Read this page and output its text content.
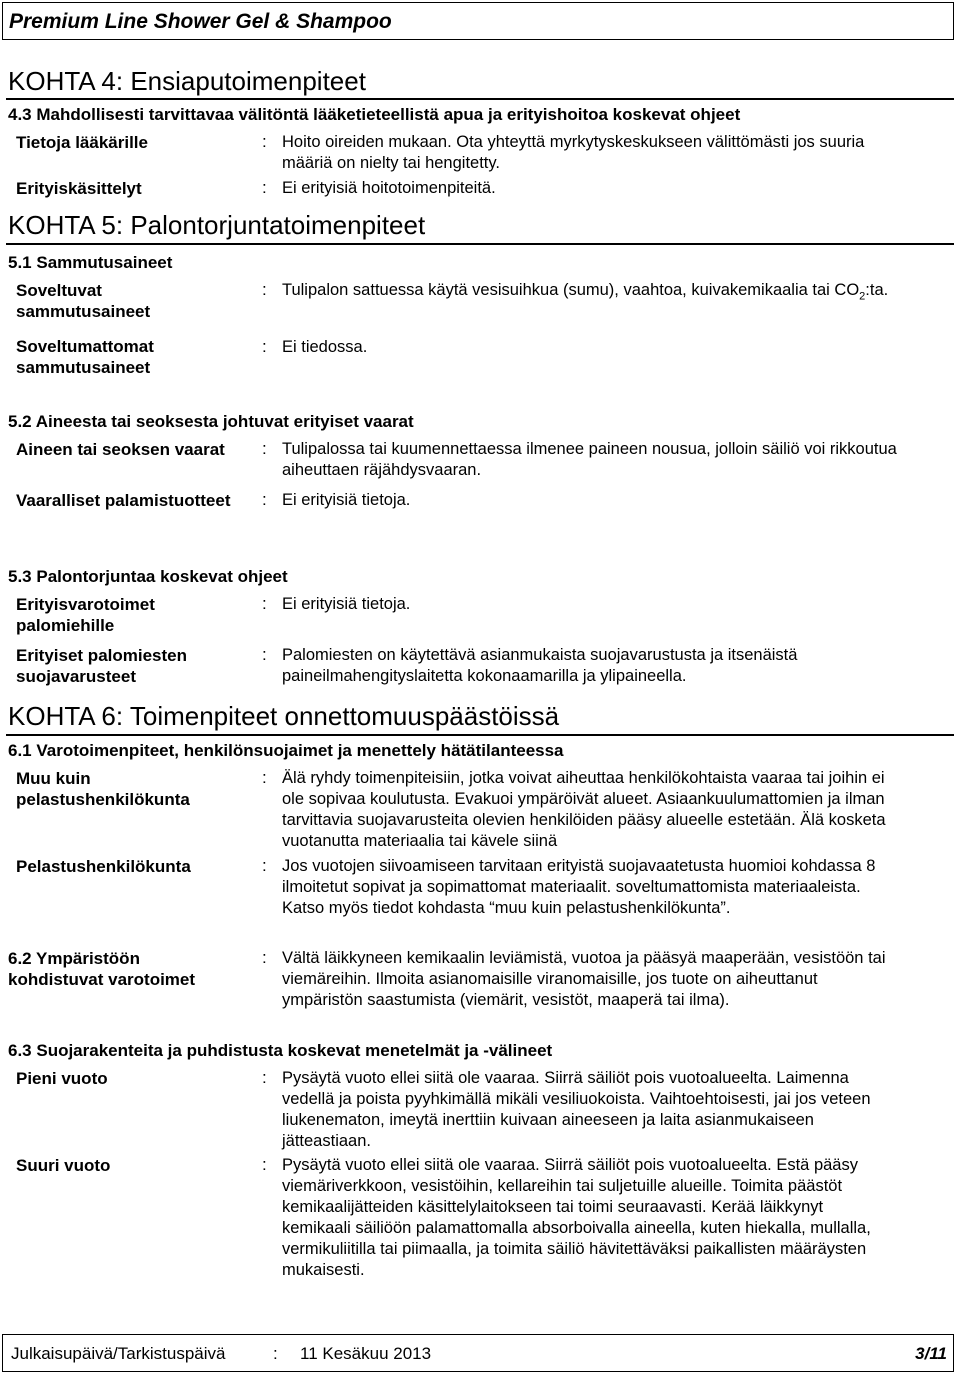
Premium Line Shower Gel & Shampoo
KOHTA 4: Ensiaputoimenpiteet
4.3 Mahdollisesti tarvittavaa välitöntä lääketieteellistä apua ja erityishoitoa koskevat ohjeet
Tietoja lääkärille	: Hoito oireiden mukaan. Ota yhteyttä myrkytyskeskukseen välittömästi jos suuria
määriä on nielty tai hengitetty.
Erityiskäsittelyt	: Ei erityisiä hoitotoimenpiteitä.
KOHTA 5: Palontorjuntatoimenpiteet
5.1 Sammutusaineet
Soveltuvat
sammutusaineet
: Tulipalon sattuessa käytä vesisuihkua (sumu), vaahtoa, kuivakemikaalia tai $CO_2:ta$.
Soveltumattomat
sammutusaineet
: Ei tiedossa.
5.2 Aineesta tai seoksesta johtuvat erityiset vaarat
Aineen tai seoksen vaarat : Tulipalossa tai kuumennettaessa ilmenee paineen nousua, jolloin säiliö voi rikkoutua
aiheuttaen räjähdysvaaran.
Vaaralliset palamistuotteet : Ei erityisiä tietoja.
5.3 Palontorjuntaa koskevat ohjeet
Erityisvarotoimet
palomiehille
: Ei erityisiä tietoja.
Erityiset palomiesten
suojavarusteet
: Palomiesten on käytettävä asianmukaista suojavarustusta ja itsenäistä
paineilmahengityslaitetta kokonaamarilla ja ylipaineella.
KOHTA 6: Toimenpiteet onnettomuuspäästöissä
6.1 Varotoimenpiteet, henkilönsuojaimet ja menettely hätätilanteessa
Muu kuin
pelastushenkilökunta
: Älä ryhdy toimenpiteisiin, jotka voivat aiheuttaa henkilökohtaista vaaraa tai joihin ei
ole sopivaa koulutusta. Evakuoi ympäröivät alueet. Asiaankuulumattomien ja ilman
tarvittavia suojavarusteita olevien henkilöiden pääsy alueelle estetään. Älä kosketa
vuotanutta materiaalia tai kävele siinä
Pelastushenkilökunta	: Jos vuotojen siivoamiseen tarvitaan erityistä suojavaatetusta huomioi kohdassa 8
ilmoitetut sopivat ja sopimattomat materiaalit. soveltumattomista materiaaleista.
Katso myös tiedot kohdasta “muu kuin pelastushenkilökunta”.
6.2 Ympäristöön
kohdistuvat varotoimet
: Vältä läikkyneen kemikaalin leviämistä, vuotoa ja pääsyä maaperään, vesistöön tai
viemäreihin. Ilmoita asianomaisille viranomaisille, jos tuote on aiheuttanut
ympäristön saastumista (viemärit, vesistöt, maaperä tai ilma).
6.3 Suojarakenteita ja puhdistusta koskevat menetelmät ja -välineet
Pieni vuoto	: Pysäytä vuoto ellei siitä ole vaaraa. Siirrä säiliöt pois vuotoalueelta. Laimenna
vedellä ja poista pyyhkimällä mikäli vesiliuokoista. Vaihtoehtoisesti, jai jos veteen
liukenematon, imeytä inerttiin kuivaan aineeseen ja laita asianmukaiseen
jätteastiaan.
Suuri vuoto	: Pysäytä vuoto ellei siitä ole vaaraa. Siirrä säiliöt pois vuotoalueelta. Estä pääsy
viemäriverkkoon, vesistöihin, kellareihin tai suljetuille alueille. Toimita päästöt
kemikaalijätteiden käsittelylaitokseen tai toimi seuraavasti. Kerää läikkynyt
kemikaali säiliöön palamattomalla absorboivalla aineella, kuten hiekalla, mullalla,
vermikuliitilla tai piimaalla, ja toimita säiliö hävitettäväksi paikallisten määräysten
mukaisesti.
Julkaisupäivä/Tarkistuspäivä	: 11 Kesäkuu 2013	3/11
